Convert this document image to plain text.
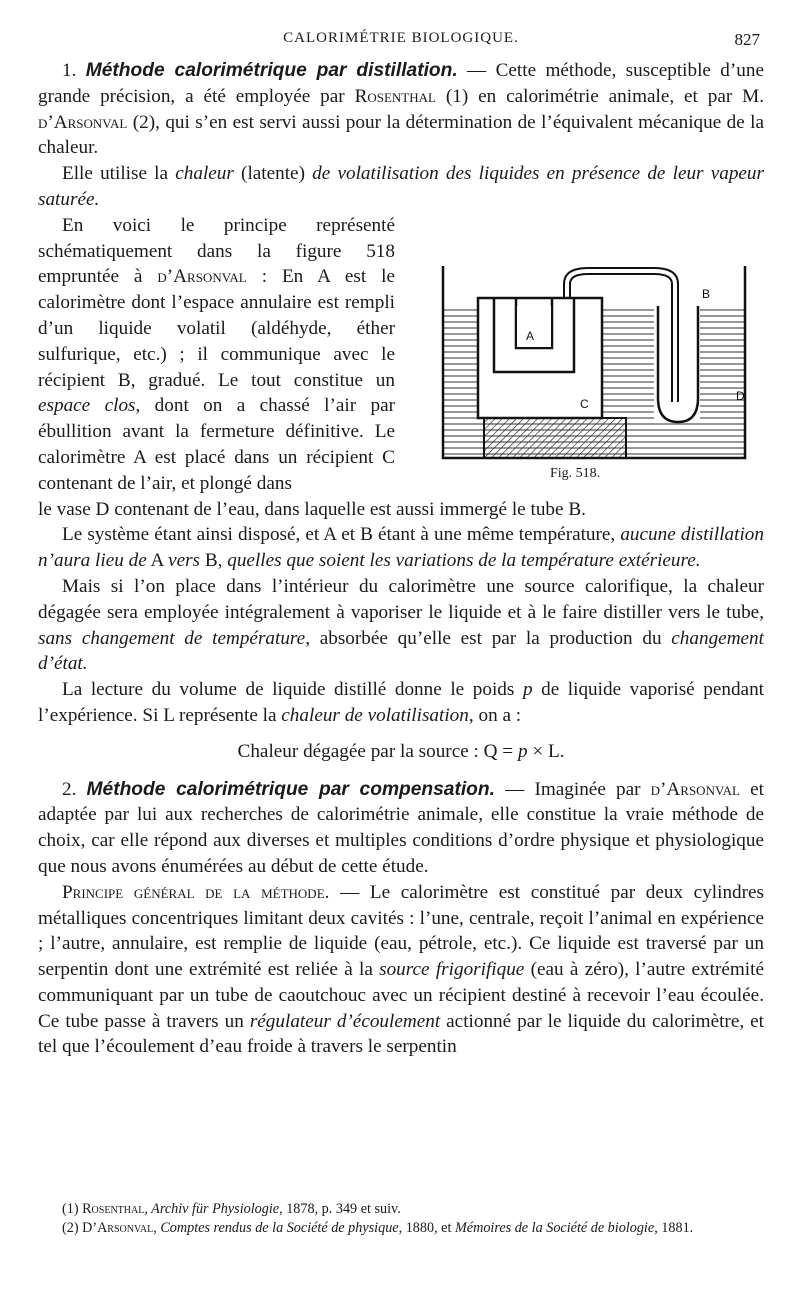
CALORIMÉTRIE BIOLOGIQUE.	827
A
B
C
D
Fig. 518.

1. Méthode calorimétrique par distillation. — Cette méthode, susceptible d’une grande précision, a été employée par Rosenthal (1) en calorimétrie animale, et par M. d’Arsonval (2), qui s’en est servi aussi pour la détermination de l’équivalent mécanique de la chaleur.

Elle utilise la chaleur (latente) de volatilisation des liquides en présence de leur vapeur saturée.

En voici le principe représenté schématiquement dans la figure 518 empruntée à d’Arsonval : En A est le calorimètre dont l’espace annulaire est rempli d’un liquide volatil (aldéhyde, éther sulfurique, etc.) ; il communique avec le récipient B, gradué. Le tout constitue un espace clos, dont on a chassé l’air par ébullition avant la fermeture définitive. Le calorimètre A est placé dans un récipient C contenant de l’air, et plongé dans

le vase D contenant de l’eau, dans laquelle est aussi immergé le tube B.

Le système étant ainsi disposé, et A et B étant à une même température, aucune distillation n’aura lieu de A vers B, quelles que soient les variations de la température extérieure.

Mais si l’on place dans l’intérieur du calorimètre une source calorifique, la chaleur dégagée sera employée intégralement à vaporiser le liquide et à le faire distiller vers le tube, sans changement de température, absorbée qu’elle est par la production du changement d’état.

La lecture du volume de liquide distillé donne le poids p de liquide vaporisé pendant l’expérience. Si L représente la chaleur de volatilisation, on a :

Chaleur dégagée par la source : Q = p × L.

2. Méthode calorimétrique par compensation. — Imaginée par d’Arsonval et adaptée par lui aux recherches de calorimétrie animale, elle constitue la vraie méthode de choix, car elle répond aux diverses et multiples conditions d’ordre physique et physiologique que nous avons énumérées au début de cette étude.

Principe général de la méthode. — Le calorimètre est constitué par deux cylindres métalliques concentriques limitant deux cavités : l’une, centrale, reçoit l’animal en expérience ; l’autre, annulaire, est remplie de liquide (eau, pétrole, etc.). Ce liquide est traversé par un serpentin dont une extrémité est reliée à la source frigorifique (eau à zéro), l’autre extrémité communiquant par un tube de caoutchouc avec un récipient destiné à recevoir l’eau écoulée. Ce tube passe à travers un régulateur d’écoulement actionné par le liquide du calorimètre, et tel que l’écoulement d’eau froide à travers le serpentin

(1) Rosenthal, Archiv für Physiologie, 1878, p. 349 et suiv.

(2) D’Arsonval, Comptes rendus de la Société de physique, 1880, et Mémoires de la Société de biologie, 1881.
